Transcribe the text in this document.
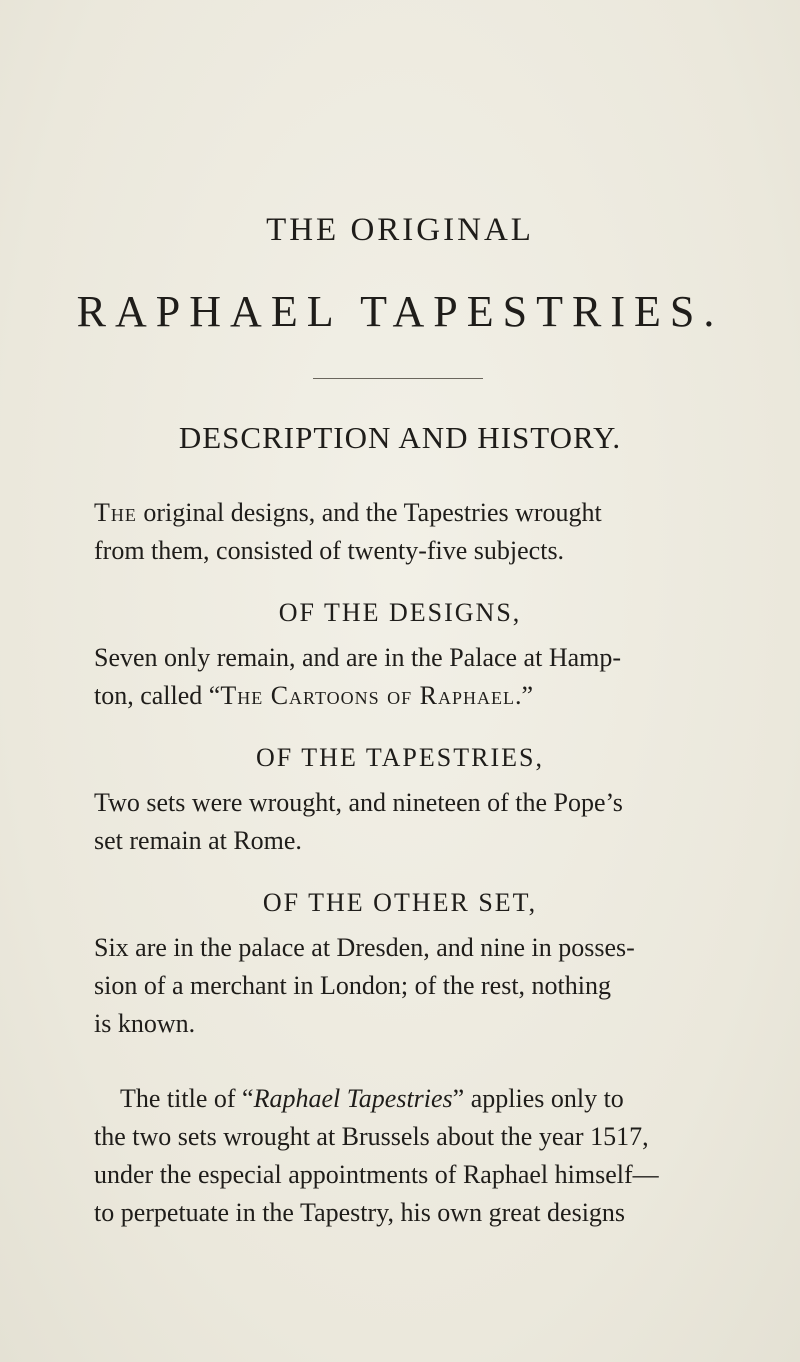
THE ORIGINAL
RAPHAEL TAPESTRIES.
DESCRIPTION AND HISTORY.
The original designs, and the Tapestries wrought
from them, consisted of twenty-five subjects.
OF THE DESIGNS,
Seven only remain, and are in the Palace at Hamp-
ton, called “The Cartoons of Raphael.”
OF THE TAPESTRIES,
Two sets were wrought, and nineteen of the Pope’s
set remain at Rome.
OF THE OTHER SET,
Six are in the palace at Dresden, and nine in posses-
sion of a merchant in London; of the rest, nothing
is known.
The title of “Raphael Tapestries” applies only to
the two sets wrought at Brussels about the year 1517,
under the especial appointments of Raphael himself—
to perpetuate in the Tapestry, his own great designs
